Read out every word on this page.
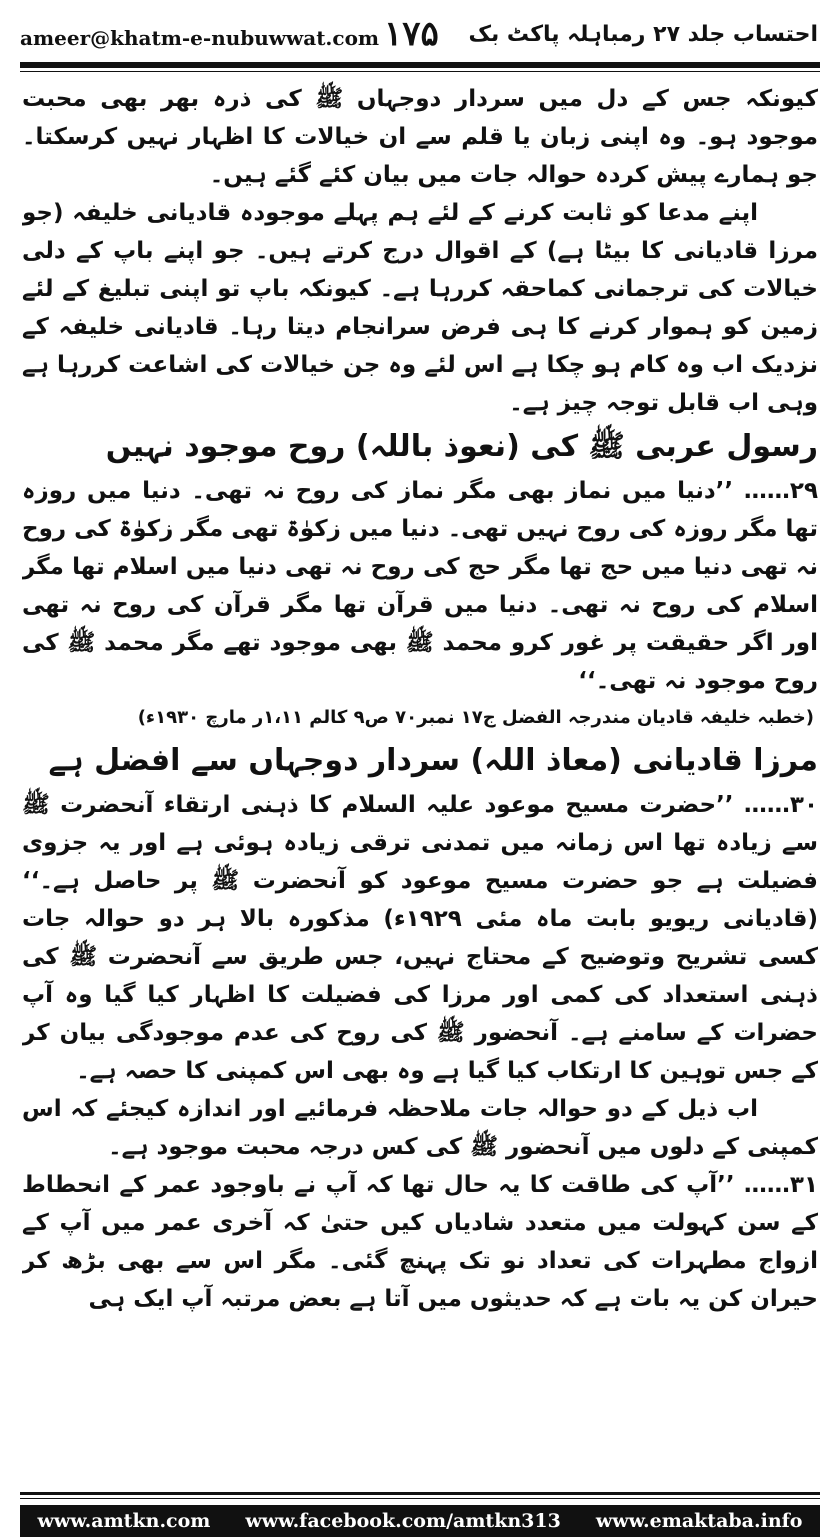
ameer@khatm-e-nubuwwat.com ۱۷۵ احتساب جلد ۲۷ رمباہلہ پاکٹ بک

کیونکہ جس کے دل میں سردار دوجہاں ﷺ کی ذرہ بھر بھی محبت موجود ہو۔ وہ اپنی زبان یا قلم سے ان خیالات کا اظہار نہیں کرسکتا۔ جو ہمارے پیش کردہ حوالہ جات میں بیان کئے گئے ہیں۔

اپنے مدعا کو ثابت کرنے کے لئے ہم پہلے موجودہ قادیانی خلیفہ (جو مرزا قادیانی کا بیٹا ہے) کے اقوال درج کرتے ہیں۔ جو اپنے باپ کے دلی خیالات کی ترجمانی کماحقہ کررہا ہے۔ کیونکہ باپ تو اپنی تبلیغ کے لئے زمین کو ہموار کرنے کا ہی فرض سرانجام دیتا رہا۔ قادیانی خلیفہ کے نزدیک اب وہ کام ہو چکا ہے اس لئے وہ جن خیالات کی اشاعت کررہا ہے وہی اب قابل توجہ چیز ہے۔

رسول عربی ﷺ کی (نعوذ باللہ) روح موجود نہیں

۲۹…… ’’دنیا میں نماز بھی مگر نماز کی روح نہ تھی۔ دنیا میں روزہ تھا مگر روزہ کی روح نہیں تھی۔ دنیا میں زکوٰۃ تھی مگر زکوٰۃ کی روح نہ تھی دنیا میں حج تھا مگر حج کی روح نہ تھی دنیا میں اسلام تھا مگر اسلام کی روح نہ تھی۔ دنیا میں قرآن تھا مگر قرآن کی روح نہ تھی اور اگر حقیقت پر غور کرو محمد ﷺ بھی موجود تھے مگر محمد ﷺ کی روح موجود نہ تھی۔‘‘

(خطبہ خلیفہ قادیان مندرجہ الفضل ج۱۷ نمبر۷۰ ص۹ کالم ۱،۱۱ر مارچ ۱۹۳۰ء)
مرزا قادیانی (معاذ اللہ) سردار دوجہاں سے افضل ہے

۳۰…… ’’حضرت مسیح موعود علیہ السلام کا ذہنی ارتقاء آنحضرت ﷺ سے زیادہ تھا اس زمانہ میں تمدنی ترقی زیادہ ہوئی ہے اور یہ جزوی فضیلت ہے جو حضرت مسیح موعود کو آنحضرت ﷺ پر حاصل ہے۔‘‘ (قادیانی ریویو بابت ماہ مئی ۱۹۲۹ء) مذکورہ بالا ہر دو حوالہ جات کسی تشریح وتوضیح کے محتاج نہیں، جس طریق سے آنحضرت ﷺ کی ذہنی استعداد کی کمی اور مرزا کی فضیلت کا اظہار کیا گیا وہ آپ حضرات کے سامنے ہے۔ آنحضور ﷺ کی روح کی عدم موجودگی بیان کر کے جس توہین کا ارتکاب کیا گیا ہے وہ بھی اس کمپنی کا حصہ ہے۔

اب ذیل کے دو حوالہ جات ملاحظہ فرمائیے اور اندازہ کیجئے کہ اس کمپنی کے دلوں میں آنحضور ﷺ کی کس درجہ محبت موجود ہے۔

۳۱…… ’’آپ کی طاقت کا یہ حال تھا کہ آپ نے باوجود عمر کے انحطاط کے سن کہولت میں متعدد شادیاں کیں حتیٰ کہ آخری عمر میں آپ کے ازواج مطہرات کی تعداد نو تک پہنچ گئی۔ مگر اس سے بھی بڑھ کر حیران کن یہ بات ہے کہ حدیثوں میں آتا ہے بعض مرتبہ آپ ایک ہی

www.amtkn.com www.facebook.com/amtkn313 www.emaktaba.info
